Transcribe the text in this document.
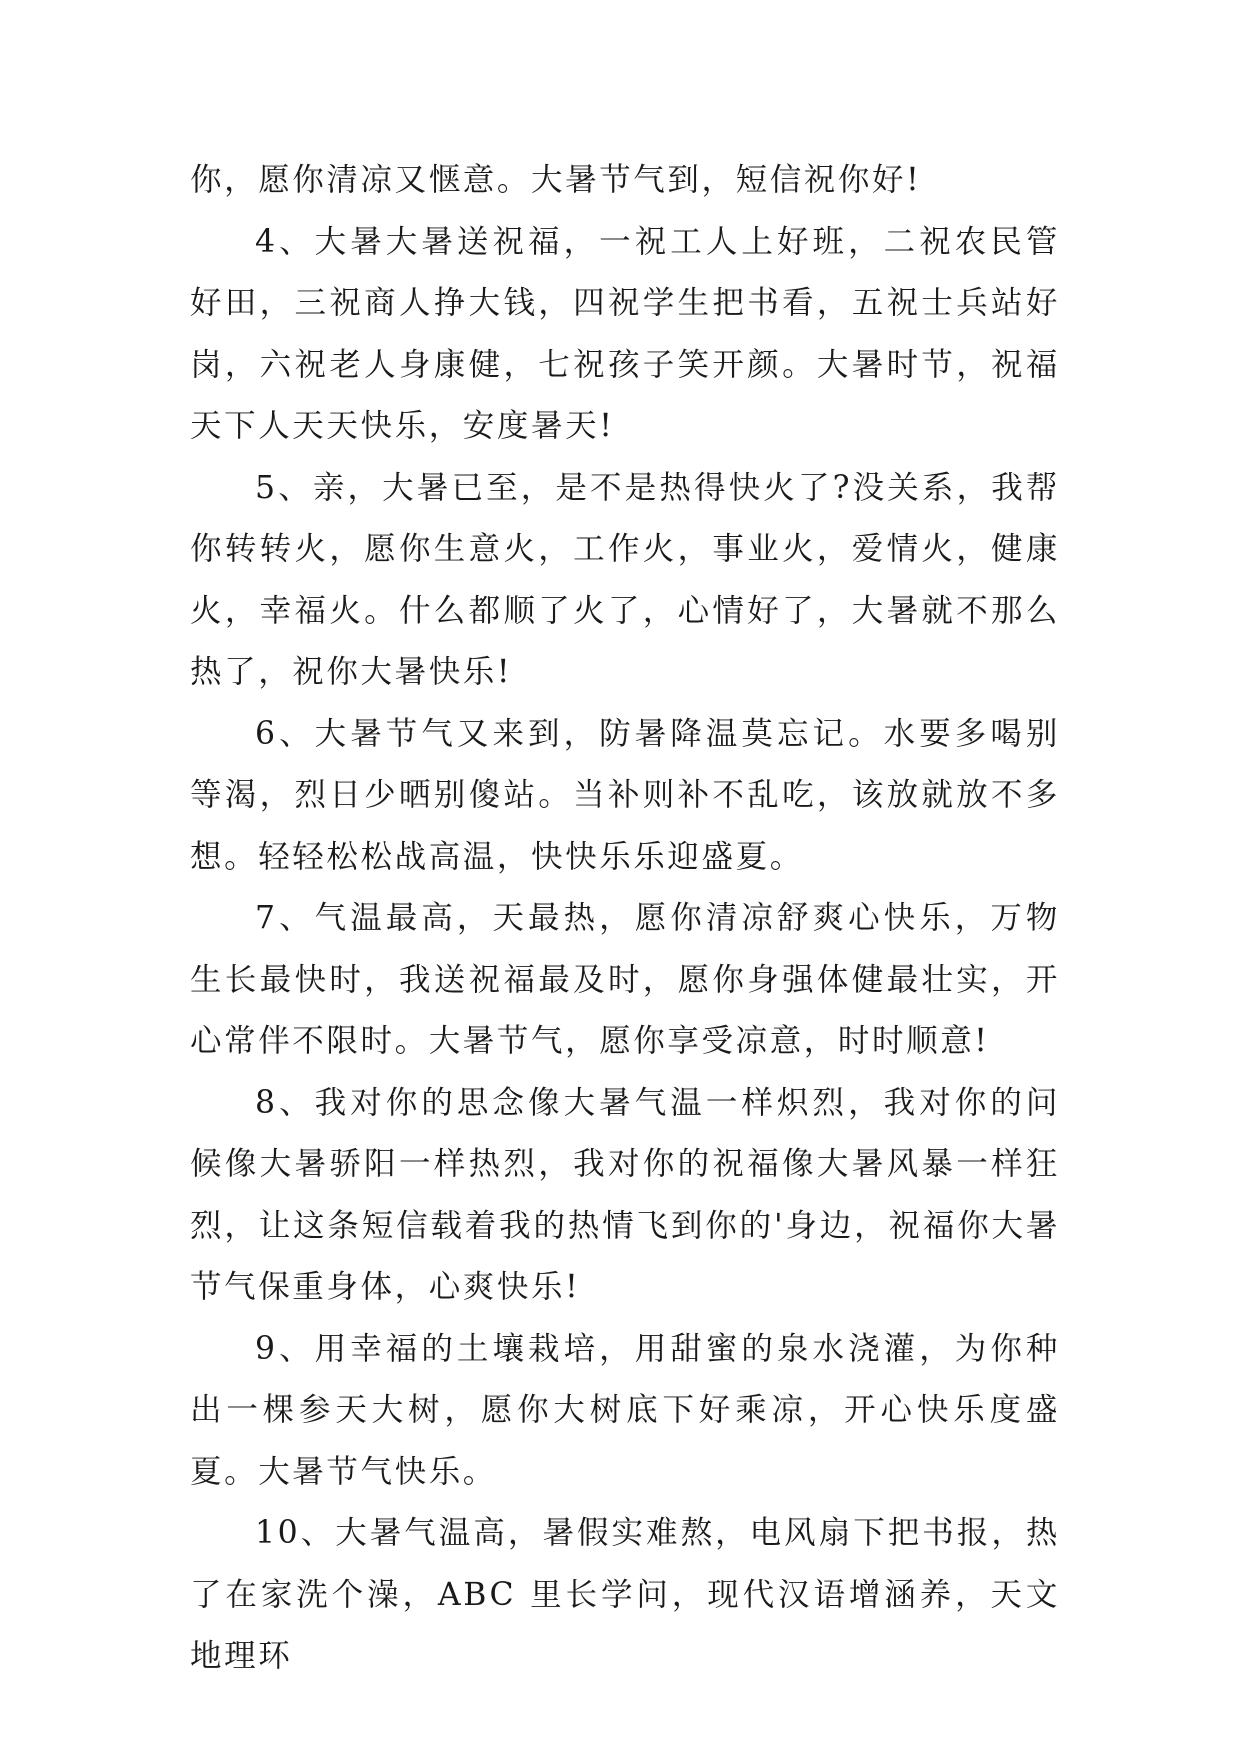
你，愿你清凉又惬意。大暑节气到，短信祝你好!

4、大暑大暑送祝福，一祝工人上好班，二祝农民管好田，三祝商人挣大钱，四祝学生把书看，五祝士兵站好岗，六祝老人身康健，七祝孩子笑开颜。大暑时节，祝福天下人天天快乐，安度暑天!

5、亲，大暑已至，是不是热得快火了?没关系，我帮你转转火，愿你生意火，工作火，事业火，爱情火，健康火，幸福火。什么都顺了火了，心情好了，大暑就不那么热了，祝你大暑快乐!

6、大暑节气又来到，防暑降温莫忘记。水要多喝别等渴，烈日少晒别傻站。当补则补不乱吃，该放就放不多想。轻轻松松战高温，快快乐乐迎盛夏。

7、气温最高，天最热，愿你清凉舒爽心快乐，万物生长最快时，我送祝福最及时，愿你身强体健最壮实，开心常伴不限时。大暑节气，愿你享受凉意，时时顺意!

8、我对你的思念像大暑气温一样炽烈，我对你的问候像大暑骄阳一样热烈，我对你的祝福像大暑风暴一样狂烈，让这条短信载着我的热情飞到你的'身边，祝福你大暑节气保重身体，心爽快乐!

9、用幸福的土壤栽培，用甜蜜的泉水浇灌，为你种出一棵参天大树，愿你大树底下好乘凉，开心快乐度盛夏。大暑节气快乐。

10、大暑气温高，暑假实难熬，电风扇下把书报，热了在家洗个澡，ABC 里长学问，现代汉语增涵养，天文地理环
